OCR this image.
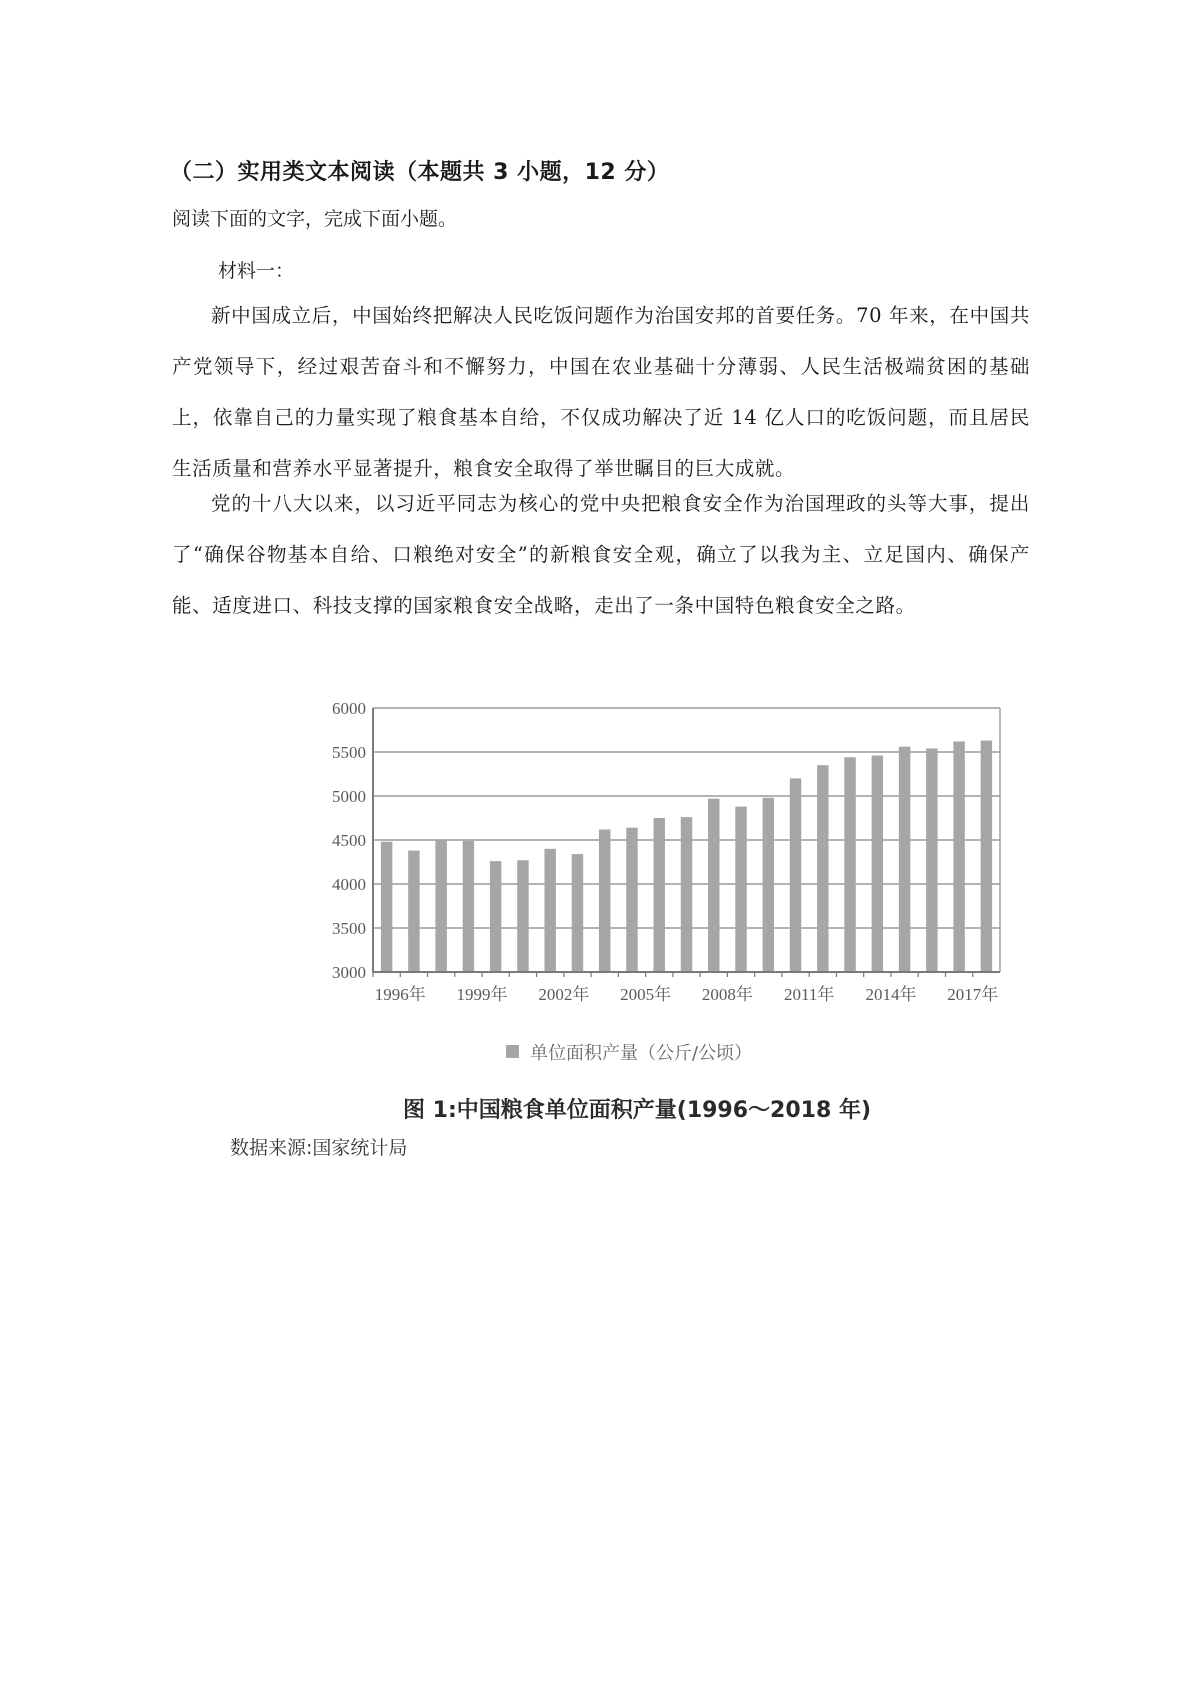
（二）实用类文本阅读（本题共 3 小题，12 分）
阅读下面的文字，完成下面小题。
材料一：
新中国成立后，中国始终把解决人民吃饭问题作为治国安邦的首要任务。70 年来，在中国共产党领导下，经过艰苦奋斗和不懈努力，中国在农业基础十分薄弱、人民生活极端贫困的基础上，依靠自己的力量实现了粮食基本自给，不仅成功解决了近 14 亿人口的吃饭问题，而且居民生活质量和营养水平显著提升，粮食安全取得了举世瞩目的巨大成就。
党的十八大以来，以习近平同志为核心的党中央把粮食安全作为治国理政的头等大事，提出了“确保谷物基本自给、口粮绝对安全”的新粮食安全观，确立了以我为主、立足国内、确保产能、适度进口、科技支撑的国家粮食安全战略，走出了一条中国特色粮食安全之路。
3000
3500
4000
4500
5000
5500
6000
1996年 1999年 2002年 2005年 2008年 2011年 2014年 2017年
单位面积产量（公斤/公顷）
图 1:中国粮食单位面积产量(1996～2018 年)
数据来源:国家统计局
